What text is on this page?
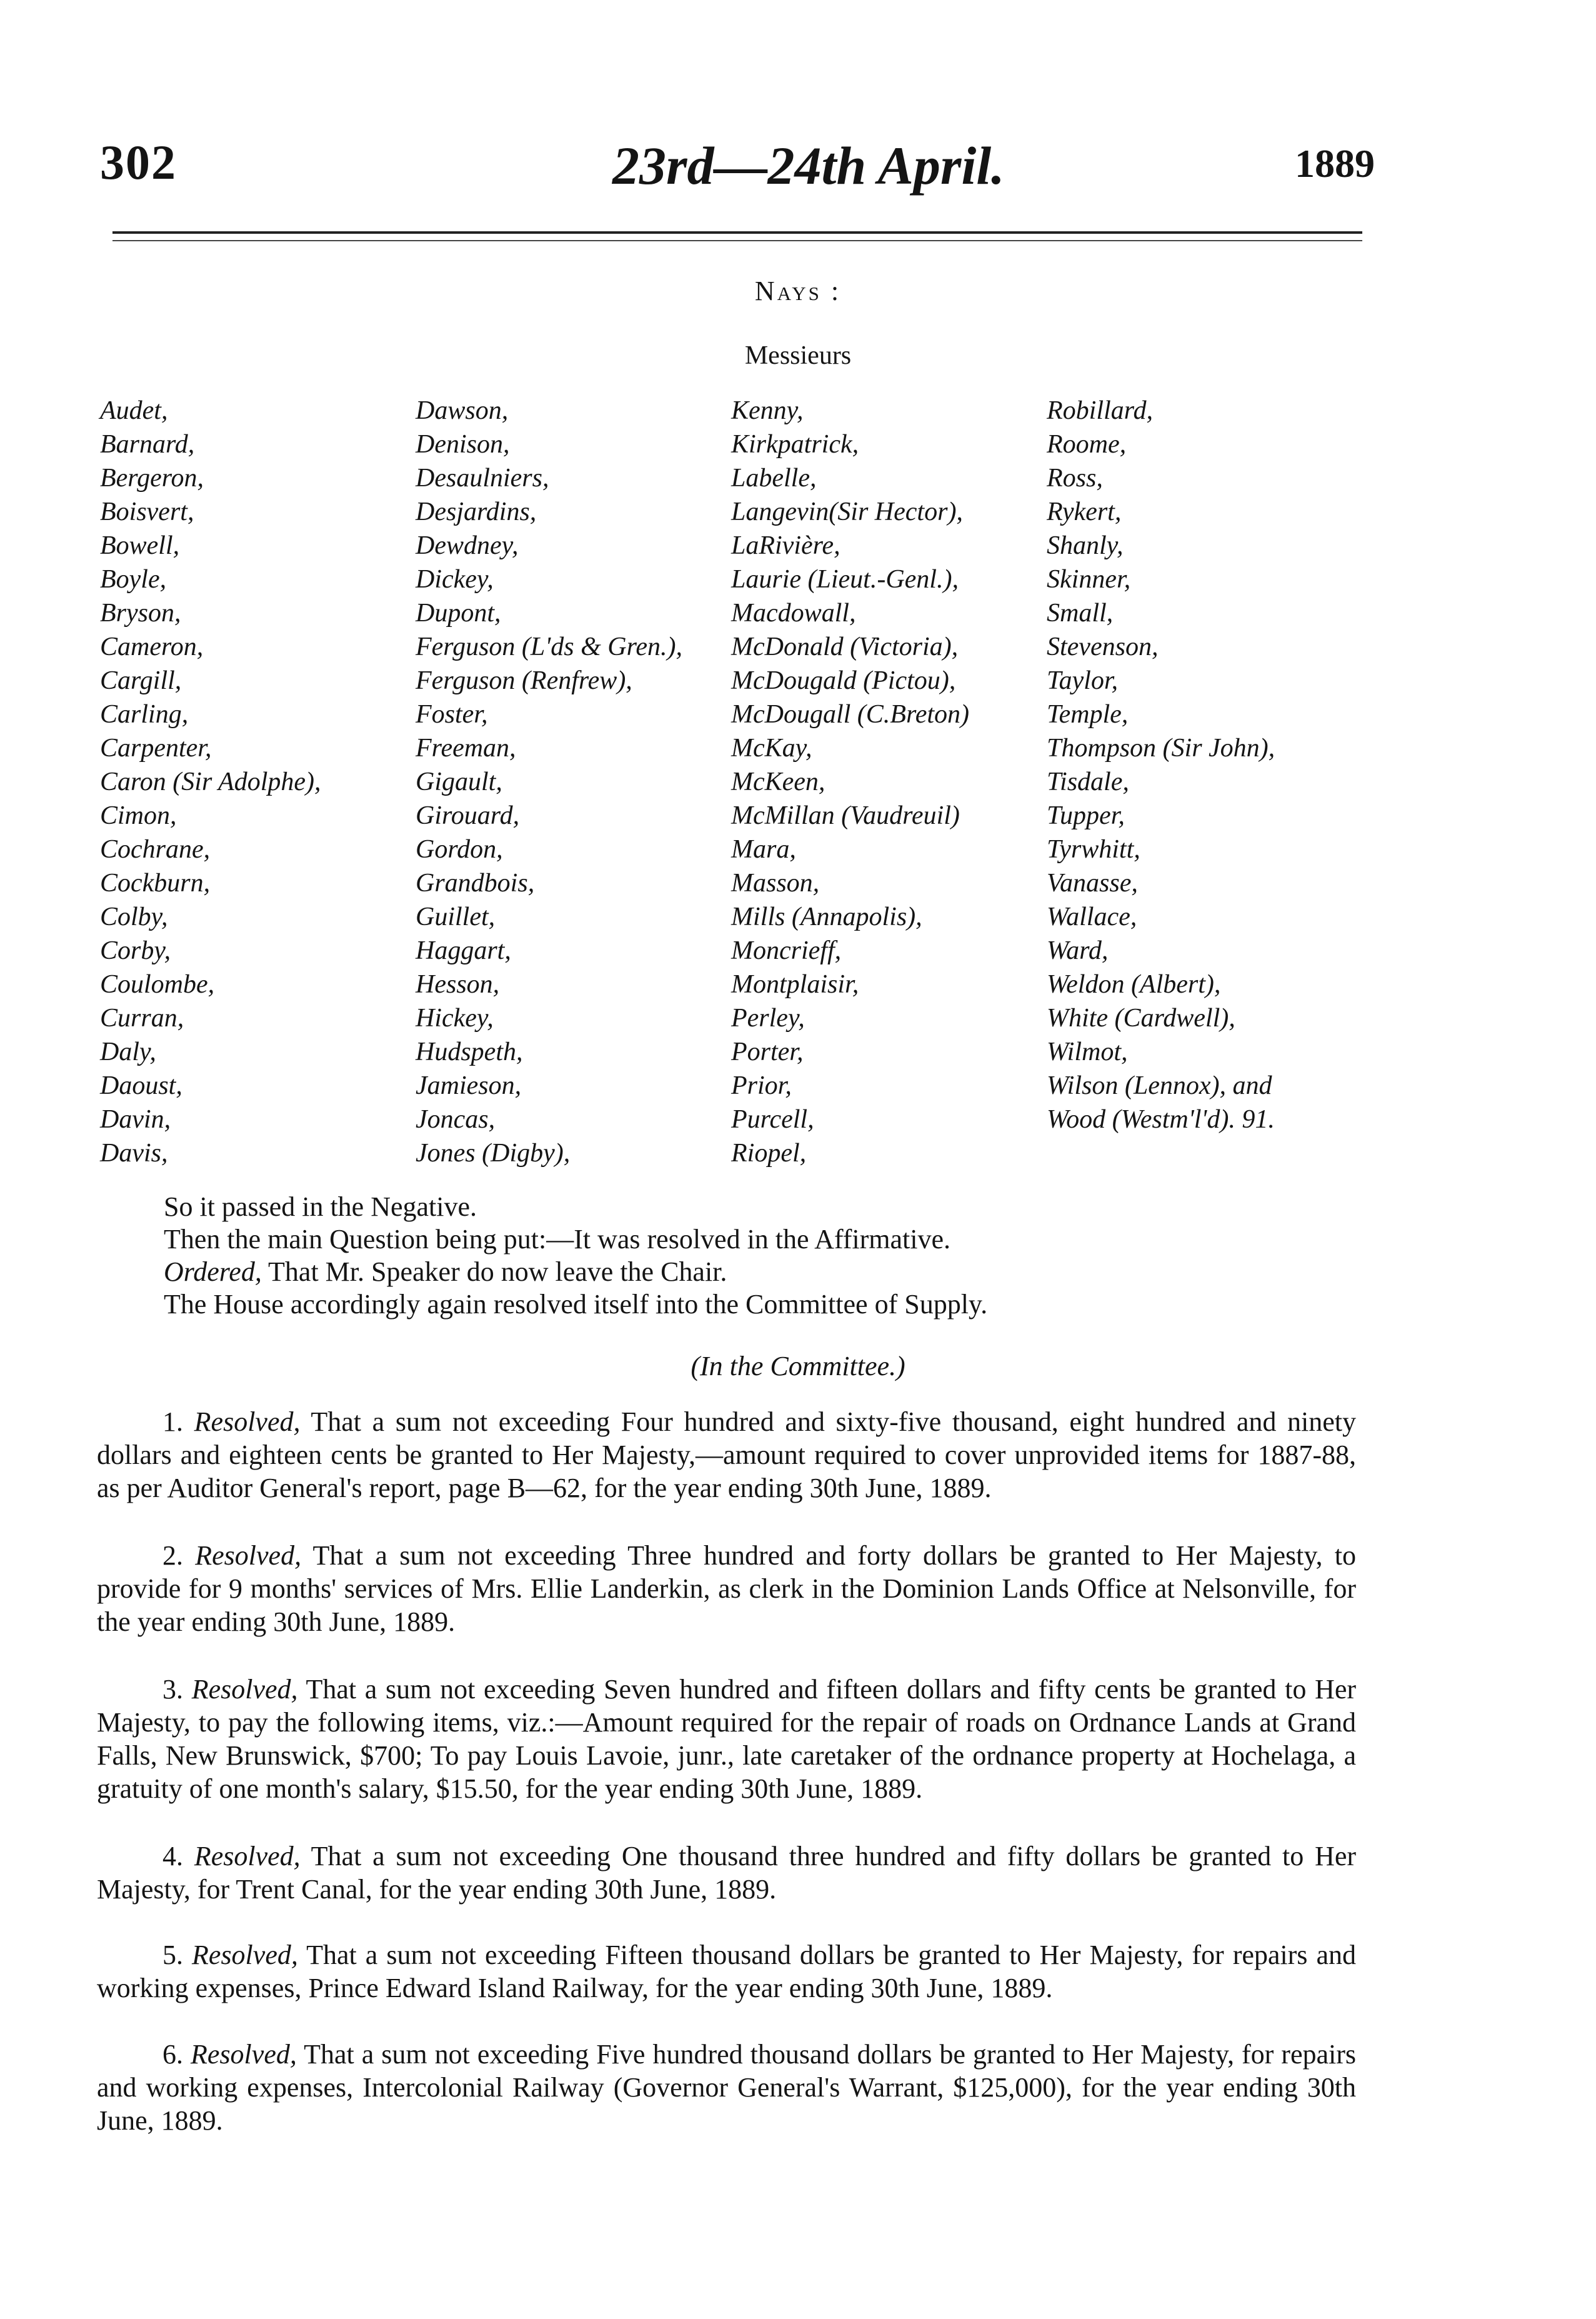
302	23rd—24th April.	1889
Nays :
Messieurs
Audet,
Barnard,
Bergeron,
Boisvert,
Bowell,
Boyle,
Bryson,
Cameron,
Cargill,
Carling,
Carpenter,
Caron (Sir Adolphe),
Cimon,
Cochrane,
Cockburn,
Colby,
Corby,
Coulombe,
Curran,
Daly,
Daoust,
Davin,
Davis,
Dawson,
Denison,
Desaulniers,
Desjardins,
Dewdney,
Dickey,
Dupont,
Ferguson (L'ds & Gren.),
Ferguson (Renfrew),
Foster,
Freeman,
Gigault,
Girouard,
Gordon,
Grandbois,
Guillet,
Haggart,
Hesson,
Hickey,
Hudspeth,
Jamieson,
Joncas,
Jones (Digby),
Kenny,
Kirkpatrick,
Labelle,
Langevin(Sir Hector),
LaRivière,
Laurie (Lieut.-Genl.),
Macdowall,
McDonald (Victoria),
McDougald (Pictou),
McDougall (C.Breton)
McKay,
McKeen,
McMillan (Vaudreuil)
Mara,
Masson,
Mills (Annapolis),
Moncrieff,
Montplaisir,
Perley,
Porter,
Prior,
Purcell,
Riopel,
Robillard,
Roome,
Ross,
Rykert,
Shanly,
Skinner,
Small,
Stevenson,
Taylor,
Temple,
Thompson (Sir John),
Tisdale,
Tupper,
Tyrwhitt,
Vanasse,
Wallace,
Ward,
Weldon (Albert),
White (Cardwell),
Wilmot,
Wilson (Lennox), and
Wood (Westm'l'd). 91.
So it passed in the Negative.
Then the main Question being put:—It was resolved in the Affirmative.
Ordered, That Mr. Speaker do now leave the Chair.
The House accordingly again resolved itself into the Committee of Supply.
(In the Committee.)
1. Resolved, That a sum not exceeding Four hundred and sixty-five thousand, eight hundred and ninety dollars and eighteen cents be granted to Her Majesty,—amount required to cover unprovided items for 1887-88, as per Auditor General's report, page B—62, for the year ending 30th June, 1889.
2. Resolved, That a sum not exceeding Three hundred and forty dollars be granted to Her Majesty, to provide for 9 months' services of Mrs. Ellie Landerkin, as clerk in the Dominion Lands Office at Nelsonville, for the year ending 30th June, 1889.
3. Resolved, That a sum not exceeding Seven hundred and fifteen dollars and fifty cents be granted to Her Majesty, to pay the following items, viz.:—Amount required for the repair of roads on Ordnance Lands at Grand Falls, New Brunswick, $700; To pay Louis Lavoie, junr., late caretaker of the ordnance property at Hochelaga, a gratuity of one month's salary, $15.50, for the year ending 30th June, 1889.
4. Resolved, That a sum not exceeding One thousand three hundred and fifty dollars be granted to Her Majesty, for Trent Canal, for the year ending 30th June, 1889.
5. Resolved, That a sum not exceeding Fifteen thousand dollars be granted to Her Majesty, for repairs and working expenses, Prince Edward Island Railway, for the year ending 30th June, 1889.
6. Resolved, That a sum not exceeding Five hundred thousand dollars be granted to Her Majesty, for repairs and working expenses, Intercolonial Railway (Governor General's Warrant, $125,000), for the year ending 30th June, 1889.
